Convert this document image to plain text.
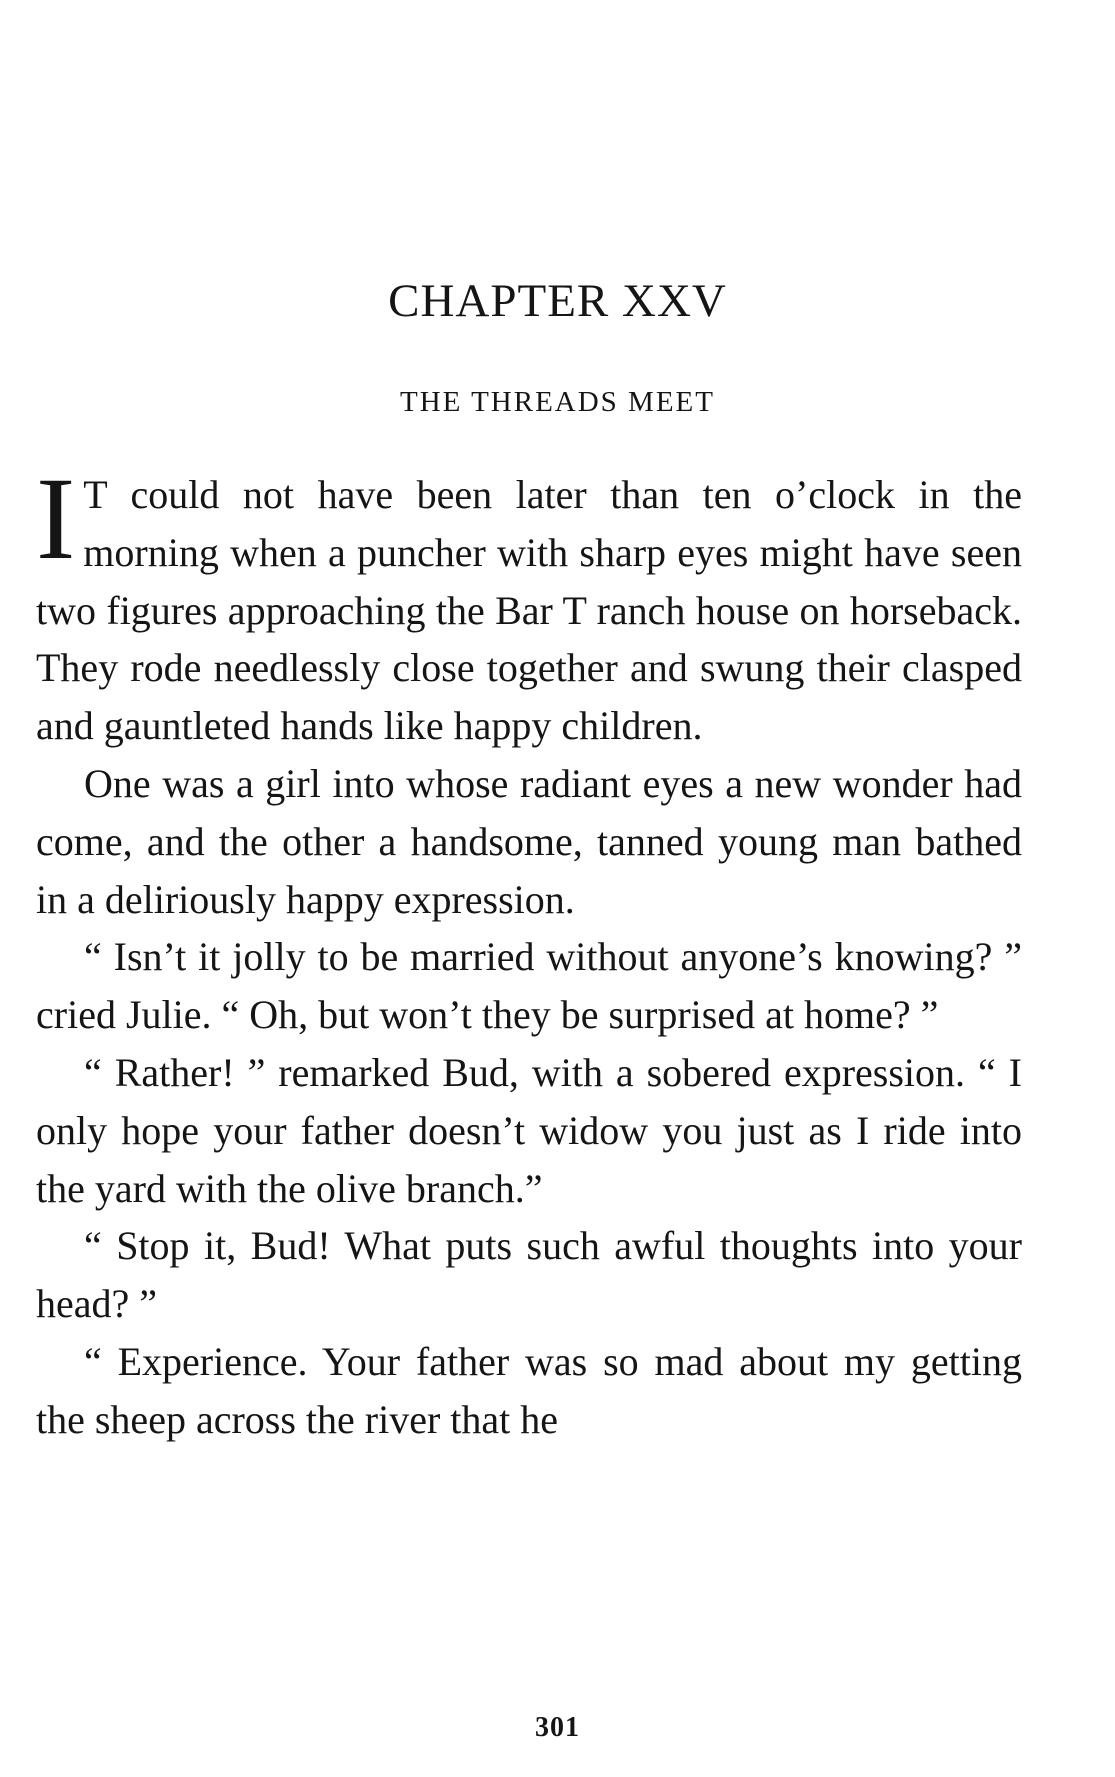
CHAPTER XXV
THE THREADS MEET

I T could not have been later than ten o’clock in the morning when a puncher with sharp eyes might have seen two figures approaching the Bar T ranch house on horseback. They rode needlessly close together and swung their clasped and gauntleted hands like happy children.

One was a girl into whose radiant eyes a new wonder had come, and the other a handsome, tanned young man bathed in a deliriously happy expression.

“ Isn’t it jolly to be married without anyone’s knowing? ” cried Julie. “ Oh, but won’t they be surprised at home? ”

“ Rather! ” remarked Bud, with a sobered expression. “ I only hope your father doesn’t widow you just as I ride into the yard with the olive branch.”

“ Stop it, Bud! What puts such awful thoughts into your head? ”

“ Experience. Your father was so mad about my getting the sheep across the river that he

301
